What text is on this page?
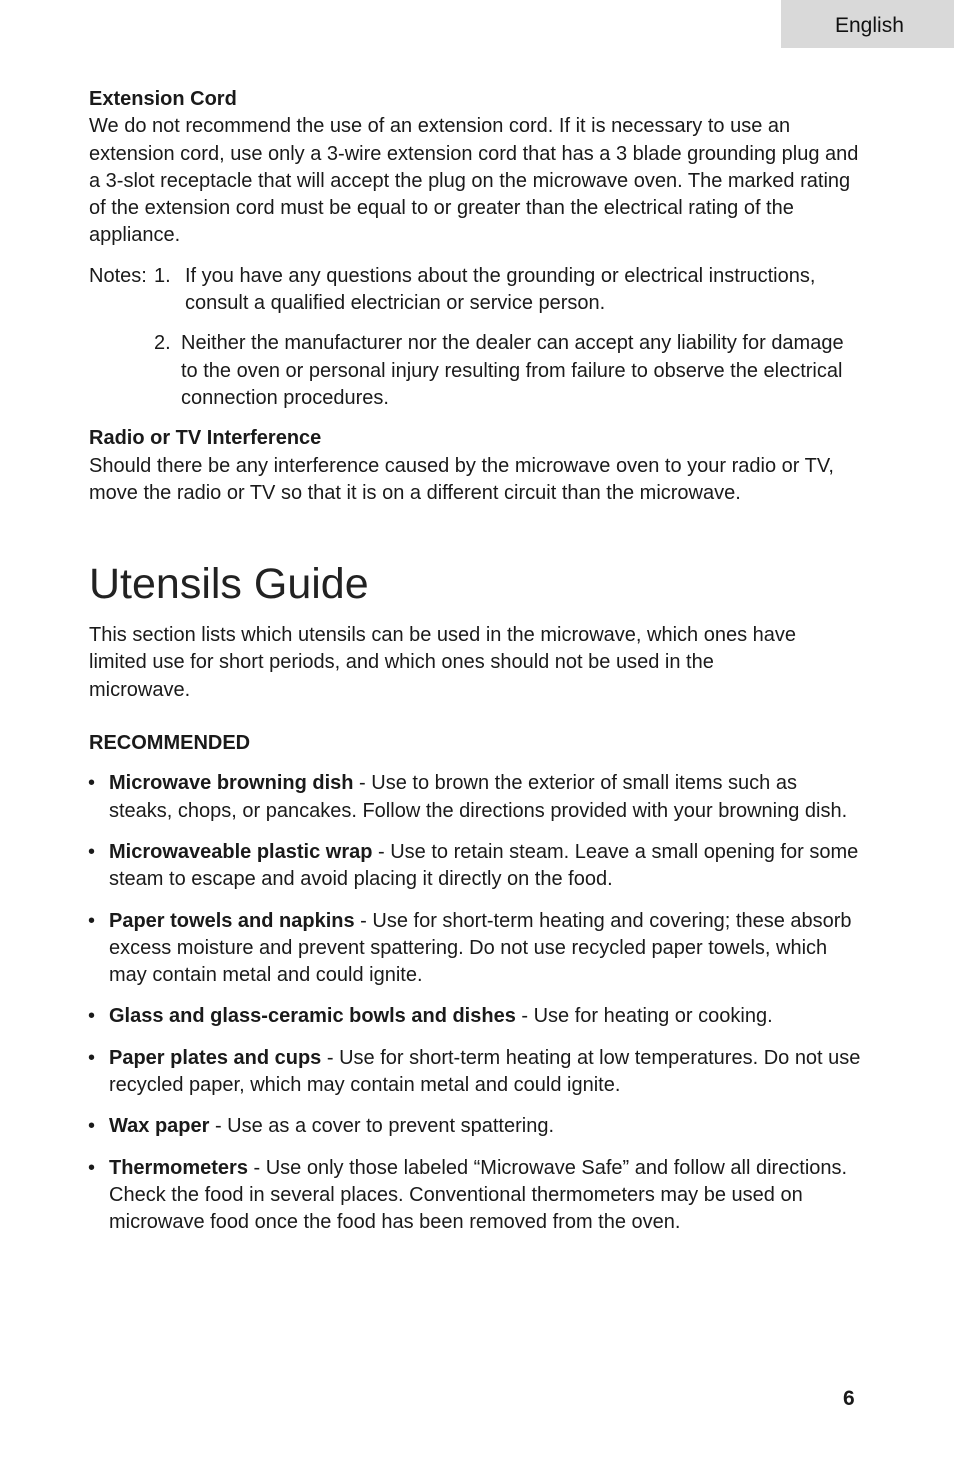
English
Extension Cord

We do not recommend the use of an extension cord. If it is necessary to use an extension cord, use only a 3-wire extension cord that has a 3 blade grounding plug and a 3-slot receptacle that will accept the plug on the microwave oven. The marked rating of the extension cord must be equal to or greater than the electrical rating of the appliance.

Notes: 1. If you have any questions about the grounding or electrical instructions, consult a qualified electrician or service person.
2. Neither the manufacturer nor the dealer can accept any liability for damage to the oven or personal injury resulting from failure to observe the electrical connection procedures.
Radio or TV Interference

Should there be any interference caused by the microwave oven to your radio or TV, move the radio or TV so that it is on a different circuit than the microwave.

Utensils Guide

This section lists which utensils can be used in the microwave, which ones have limited use for short periods, and which ones should not be used in the microwave.

RECOMMENDED
• Microwave browning dish - Use to brown the exterior of small items such as steaks, chops, or pancakes. Follow the directions provided with your browning dish.
• Microwaveable plastic wrap - Use to retain steam. Leave a small opening for some steam to escape and avoid placing it directly on the food.
• Paper towels and napkins - Use for short-term heating and covering; these absorb excess moisture and prevent spattering. Do not use recycled paper towels, which may contain metal and could ignite.
• Glass and glass-ceramic bowls and dishes - Use for heating or cooking.
• Paper plates and cups - Use for short-term heating at low temperatures. Do not use recycled paper, which may contain metal and could ignite.
• Wax paper - Use as a cover to prevent spattering.
• Thermometers - Use only those labeled “Microwave Safe” and follow all directions. Check the food in several places. Conventional thermometers may be used on microwave food once the food has been removed from the oven.
6
